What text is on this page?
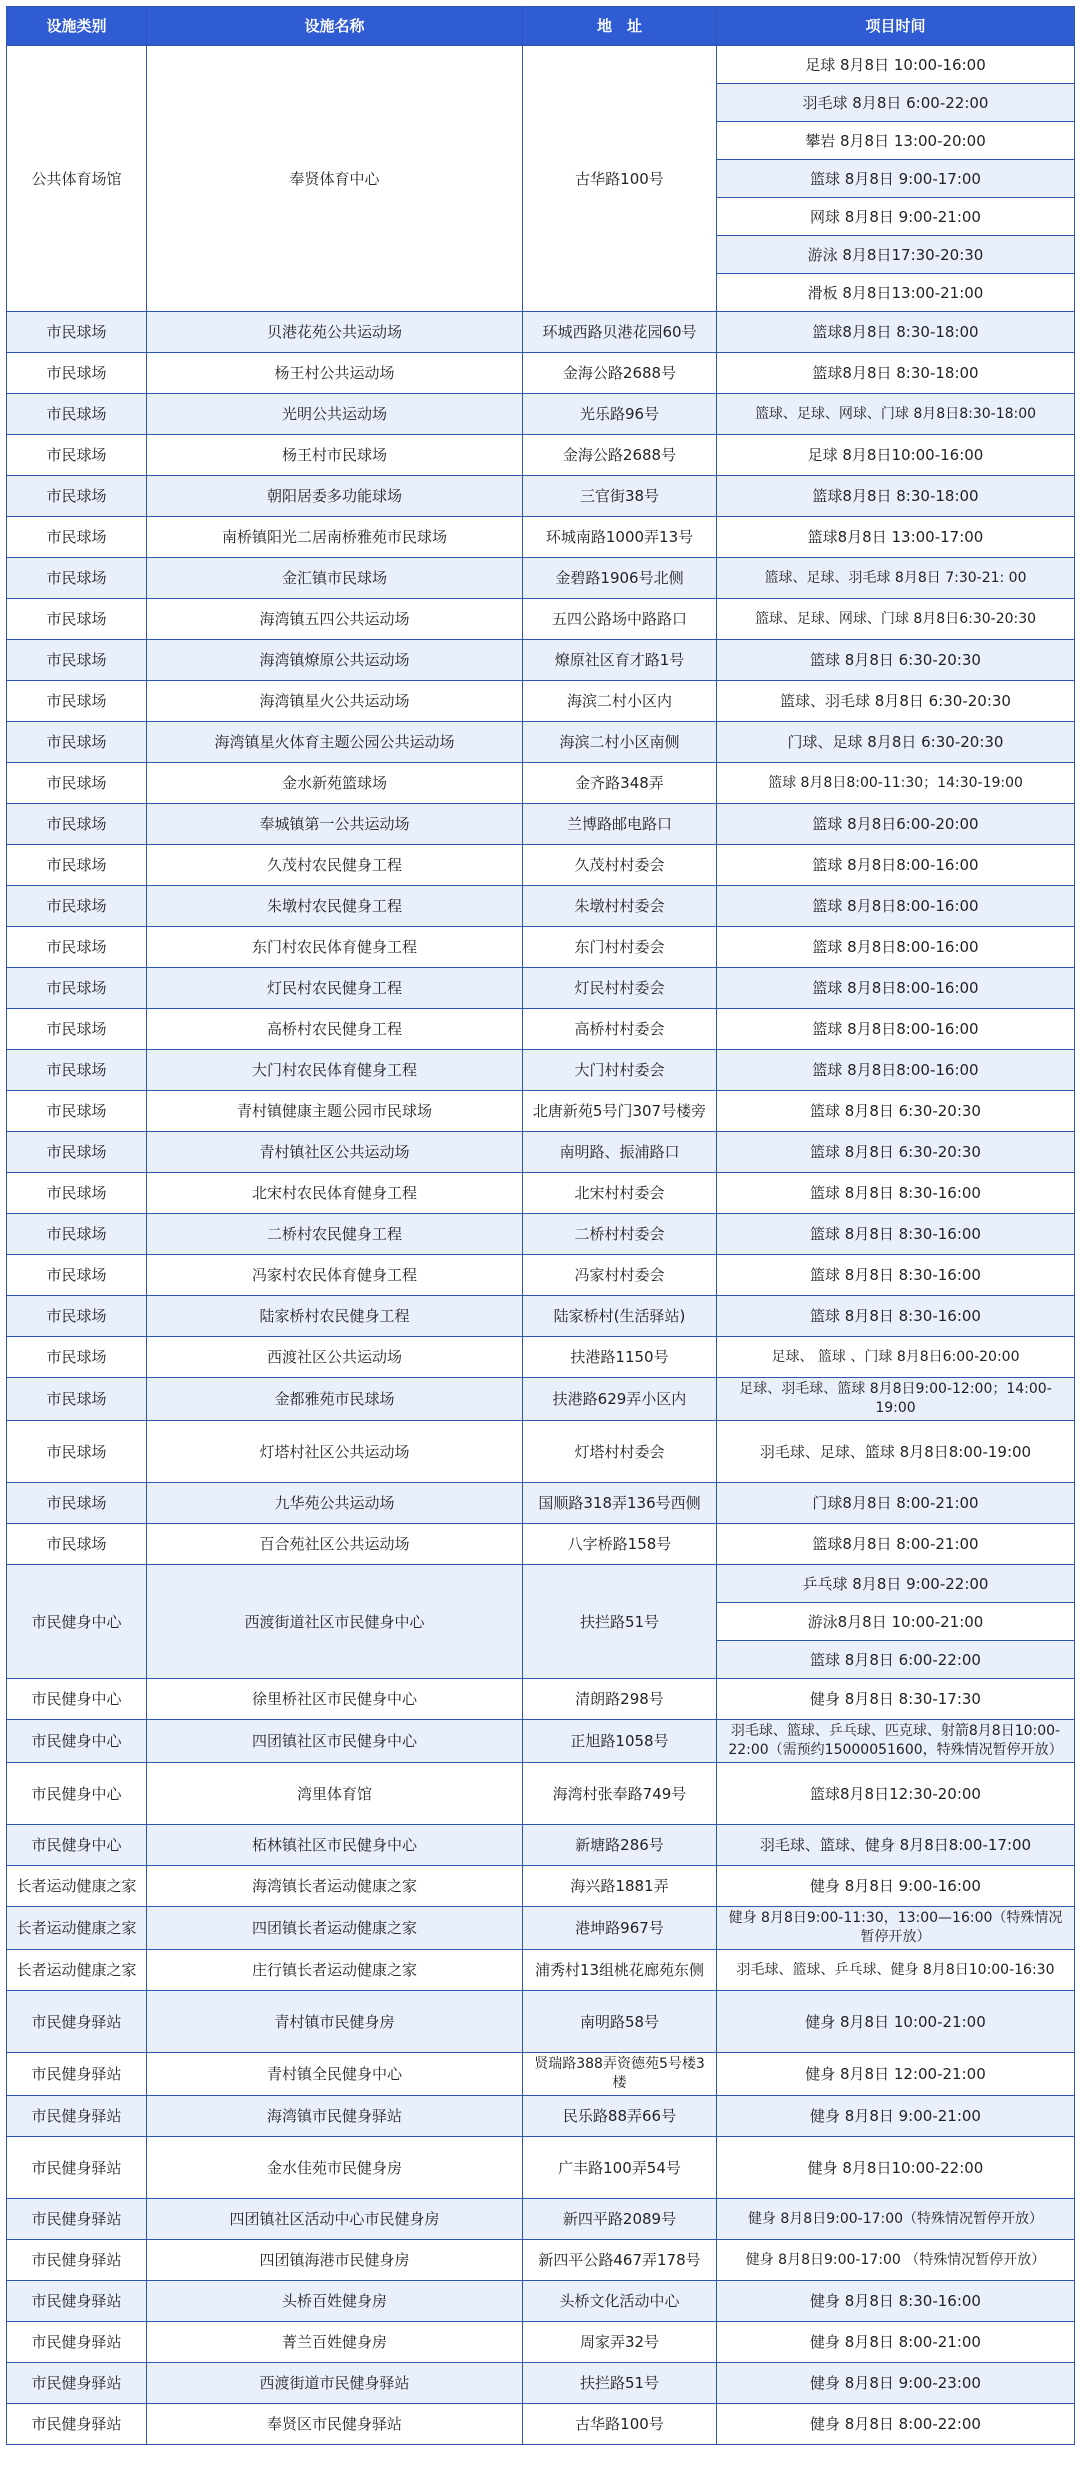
设施类别	设施名称	地　址	项目时间
公共体育场馆	奉贤体育中心	古华路100号	足球 8月8日 10:00-16:00
			羽毛球 8月8日 6:00-22:00
			攀岩 8月8日 13:00-20:00
			篮球 8月8日 9:00-17:00
			网球 8月8日 9:00-21:00
			游泳 8月8日17:30-20:30
			滑板 8月8日13:00-21:00
市民球场	贝港花苑公共运动场	环城西路贝港花园60号	篮球8月8日 8:30-18:00
市民球场	杨王村公共运动场	金海公路2688号	篮球8月8日 8:30-18:00
市民球场	光明公共运动场	光乐路96号	篮球、足球、网球、门球 8月8日8:30-18:00
市民球场	杨王村市民球场	金海公路2688号	足球 8月8日10:00-16:00
市民球场	朝阳居委多功能球场	三官街38号	篮球8月8日 8:30-18:00
市民球场	南桥镇阳光二居南桥雅苑市民球场	环城南路1000弄13号	篮球8月8日 13:00-17:00
市民球场	金汇镇市民球场	金碧路1906号北侧	篮球、足球、羽毛球 8月8日 7:30-21: 00
市民球场	海湾镇五四公共运动场	五四公路场中路路口	篮球、足球、网球、门球 8月8日6:30-20:30
市民球场	海湾镇燎原公共运动场	燎原社区育才路1号	篮球 8月8日 6:30-20:30
市民球场	海湾镇星火公共运动场	海滨二村小区内	篮球、羽毛球 8月8日 6:30-20:30
市民球场	海湾镇星火体育主题公园公共运动场	海滨二村小区南侧	门球、足球 8月8日 6:30-20:30
市民球场	金水新苑篮球场	金齐路348弄	篮球 8月8日8:00-11:30；14:30-19:00
市民球场	奉城镇第一公共运动场	兰博路邮电路口	篮球 8月8日6:00-20:00
市民球场	久茂村农民健身工程	久茂村村委会	篮球 8月8日8:00-16:00
市民球场	朱墩村农民健身工程	朱墩村村委会	篮球 8月8日8:00-16:00
市民球场	东门村农民体育健身工程	东门村村委会	篮球 8月8日8:00-16:00
市民球场	灯民村农民健身工程	灯民村村委会	篮球 8月8日8:00-16:00
市民球场	高桥村农民健身工程	高桥村村委会	篮球 8月8日8:00-16:00
市民球场	大门村农民体育健身工程	大门村村委会	篮球 8月8日8:00-16:00
市民球场	青村镇健康主题公园市民球场	北唐新苑5号门307号楼旁	篮球 8月8日 6:30-20:30
市民球场	青村镇社区公共运动场	南明路、振浦路口	篮球 8月8日 6:30-20:30
市民球场	北宋村农民体育健身工程	北宋村村委会	篮球 8月8日 8:30-16:00
市民球场	二桥村农民健身工程	二桥村村委会	篮球 8月8日 8:30-16:00
市民球场	冯家村农民体育健身工程	冯家村村委会	篮球 8月8日 8:30-16:00
市民球场	陆家桥村农民健身工程	陆家桥村(生活驿站)	篮球 8月8日 8:30-16:00
市民球场	西渡社区公共运动场	扶港路1150号	足球、 篮球 、门球 8月8日6:00-20:00
市民球场	金都雅苑市民球场	扶港路629弄小区内	足球、羽毛球、篮球 8月8日9:00-12:00；14:00-19:00
市民球场	灯塔村社区公共运动场	灯塔村村委会	羽毛球、足球、篮球 8月8日8:00-19:00
市民球场	九华苑公共运动场	国顺路318弄136号西侧	门球8月8日 8:00-21:00
市民球场	百合苑社区公共运动场	八字桥路158号	篮球8月8日 8:00-21:00
市民健身中心	西渡街道社区市民健身中心	扶拦路51号	乒乓球 8月8日 9:00-22:00
			游泳8月8日 10:00-21:00
			篮球 8月8日 6:00-22:00
市民健身中心	徐里桥社区市民健身中心	清朗路298号	健身 8月8日 8:30-17:30
市民健身中心	四团镇社区市民健身中心	正旭路1058号	羽毛球、篮球、乒乓球、匹克球、射箭8月8日10:00-22:00（需预约15000051600，特殊情况暂停开放）
市民健身中心	湾里体育馆	海湾村张奉路749号	篮球8月8日12:30-20:00
市民健身中心	柘林镇社区市民健身中心	新塘路286号	羽毛球、篮球、健身 8月8日8:00-17:00
长者运动健康之家	海湾镇长者运动健康之家	海兴路1881弄	健身 8月8日 9:00-16:00
长者运动健康之家	四团镇长者运动健康之家	港坤路967号	健身 8月8日9:00-11:30，13:00—16:00（特殊情况暂停开放）
长者运动健康之家	庄行镇长者运动健康之家	浦秀村13组桃花廊苑东侧	羽毛球、篮球、乒乓球、健身 8月8日10:00-16:30
市民健身驿站	青村镇市民健身房	南明路58号	健身 8月8日 10:00-21:00
市民健身驿站	青村镇全民健身中心	贤瑞路388弄资德苑5号楼3楼	健身 8月8日 12:00-21:00
市民健身驿站	海湾镇市民健身驿站	民乐路88弄66号	健身 8月8日 9:00-21:00
市民健身驿站	金水佳苑市民健身房	广丰路100弄54号	健身 8月8日10:00-22:00
市民健身驿站	四团镇社区活动中心市民健身房	新四平路2089号	健身 8月8日9:00-17:00（特殊情况暂停开放）
市民健身驿站	四团镇海港市民健身房	新四平公路467弄178号	健身 8月8日9:00-17:00 （特殊情况暂停开放）
市民健身驿站	头桥百姓健身房	头桥文化活动中心	健身 8月8日 8:30-16:00
市民健身驿站	菁兰百姓健身房	周家弄32号	健身 8月8日 8:00-21:00
市民健身驿站	西渡街道市民健身驿站	扶拦路51号	健身 8月8日 9:00-23:00
市民健身驿站	奉贤区市民健身驿站	古华路100号	健身 8月8日 8:00-22:00
